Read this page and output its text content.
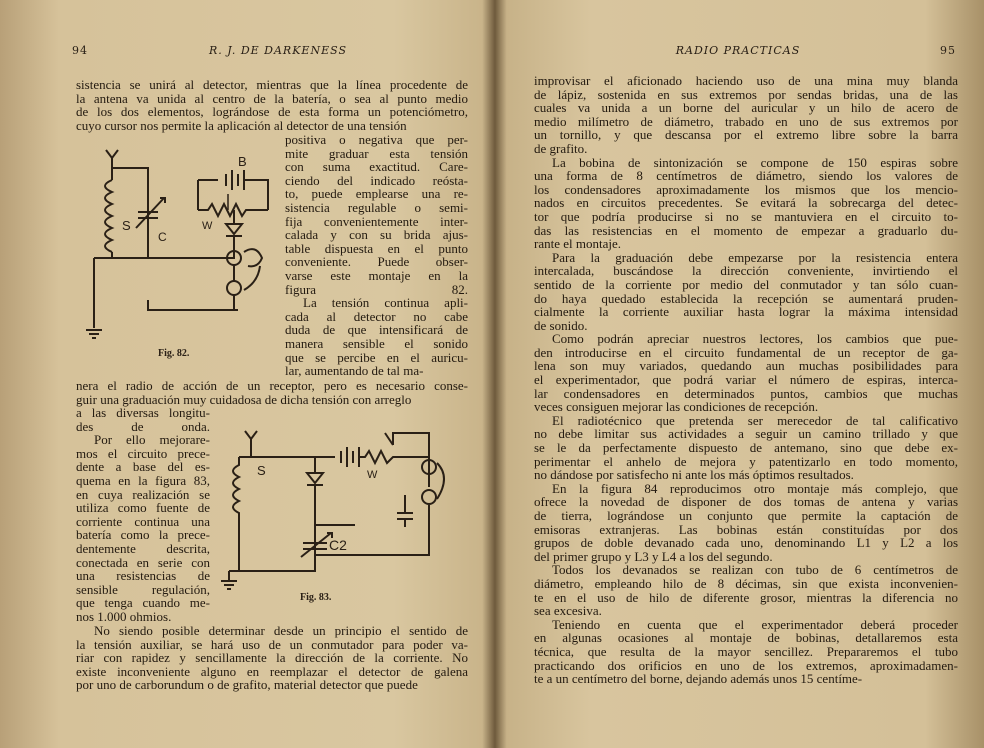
94	R. J. DE DARKENESS
sistencia se unirá al detector, mientras que la línea procedente de
la antena va unida al centro de la batería, o sea al punto medio
de los dos elementos, lográndose de esta forma un potenciómetro,
cuyo cursor nos permite la aplicación al detector de una tensión
positiva o negativa que per-
mite graduar esta tensión
con suma exactitud. Care-
ciendo del indicado reósta-
to, puede emplearse una re-
sistencia regulable o semi-
fija convenientemente inter-
calada y con su brida ajus-
table dispuesta en el punto
conveniente. Puede obser-
varse este montaje en la
figura 82.
La tensión continua apli-
cada al detector no cabe
duda de que intensificará de
manera sensible el sonido
que se percibe en el auricu-
lar, aumentando de tal ma-
B
S
C
W
Fig. 82.
nera el radio de acción de un receptor, pero es necesario conse-
guir una graduación muy cuidadosa de dicha tensión con arreglo
a las diversas longitu-
des de onda.
Por ello mejorare-
mos el circuito prece-
dente a base del es-
quema en la figura 83,
en cuya realización se
utiliza como fuente de
corriente continua una
batería como la prece-
dentemente descrita,
conectada en serie con
una resistencias de
sensible regulación,
que tenga cuando me-
nos 1.000 ohmios.
S	W
C2
Fig. 83.
No siendo posible determinar desde un principio el sentido de
la tensión auxiliar, se hará uso de un conmutador para poder va-
riar con rapidez y sencillamente la dirección de la corriente. No
existe inconveniente alguno en reemplazar el detector de galena
por uno de carborundum o de grafito, material detector que puede
RADIO PRACTICAS	95
improvisar el aficionado haciendo uso de una mina muy blanda
de lápiz, sostenida en sus extremos por sendas bridas, una de las
cuales va unida a un borne del auricular y un hilo de acero de
medio milímetro de diámetro, trabado en uno de sus extremos por
un tornillo, y que descansa por el extremo libre sobre la barra
de grafito.
La bobina de sintonización se compone de 150 espiras sobre
una forma de 8 centímetros de diámetro, siendo los valores de
los condensadores aproximadamente los mismos que los mencio-
nados en circuitos precedentes. Se evitará la sobrecarga del detec-
tor que podría producirse si no se mantuviera en el circuito to-
das las resistencias en el momento de empezar a graduarlo du-
rante el montaje.
Para la graduación debe empezarse por la resistencia entera
intercalada, buscándose la dirección conveniente, invirtiendo el
sentido de la corriente por medio del conmutador y tan sólo cuan-
do haya quedado establecida la recepción se aumentará pruden-
cialmente la corriente auxiliar hasta lograr la máxima intensidad
de sonido.
Como podrán apreciar nuestros lectores, los cambios que pue-
den introducirse en el circuito fundamental de un receptor de ga-
lena son muy variados, quedando aun muchas posibilidades para
el experimentador, que podrá variar el número de espiras, interca-
lar condensadores en determinados puntos, cambios que muchas
veces consiguen mejorar las condiciones de recepción.
El radiotécnico que pretenda ser merecedor de tal calificativo
no debe limitar sus actividades a seguir un camino trillado y que
se le da perfectamente dispuesto de antemano, sino que debe ex-
perimentar el anhelo de mejora y patentizarlo en todo momento,
no dándose por satisfecho ni ante los más óptimos resultados.
En la figura 84 reproducimos otro montaje más complejo, que
ofrece la novedad de disponer de dos tomas de antena y varias
de tierra, lográndose un conjunto que permite la captación de
emisoras extranjeras. Las bobinas están constituídas por dos
grupos de doble devanado cada uno, denominando L1 y L2 a los
del primer grupo y L3 y L4 a los del segundo.
Todos los devanados se realizan con tubo de 6 centímetros de
diámetro, empleando hilo de 8 décimas, sin que exista inconvenien-
te en el uso de hilo de diferente grosor, mientras la diferencia no
sea excesiva.
Teniendo en cuenta que el experimentador deberá proceder
en algunas ocasiones al montaje de bobinas, detallaremos esta
técnica, que resulta de la mayor sencillez. Prepararemos el tubo
practicando dos orificios en uno de los extremos, aproximadamen-
te a un centímetro del borne, dejando además unos 15 centíme-
